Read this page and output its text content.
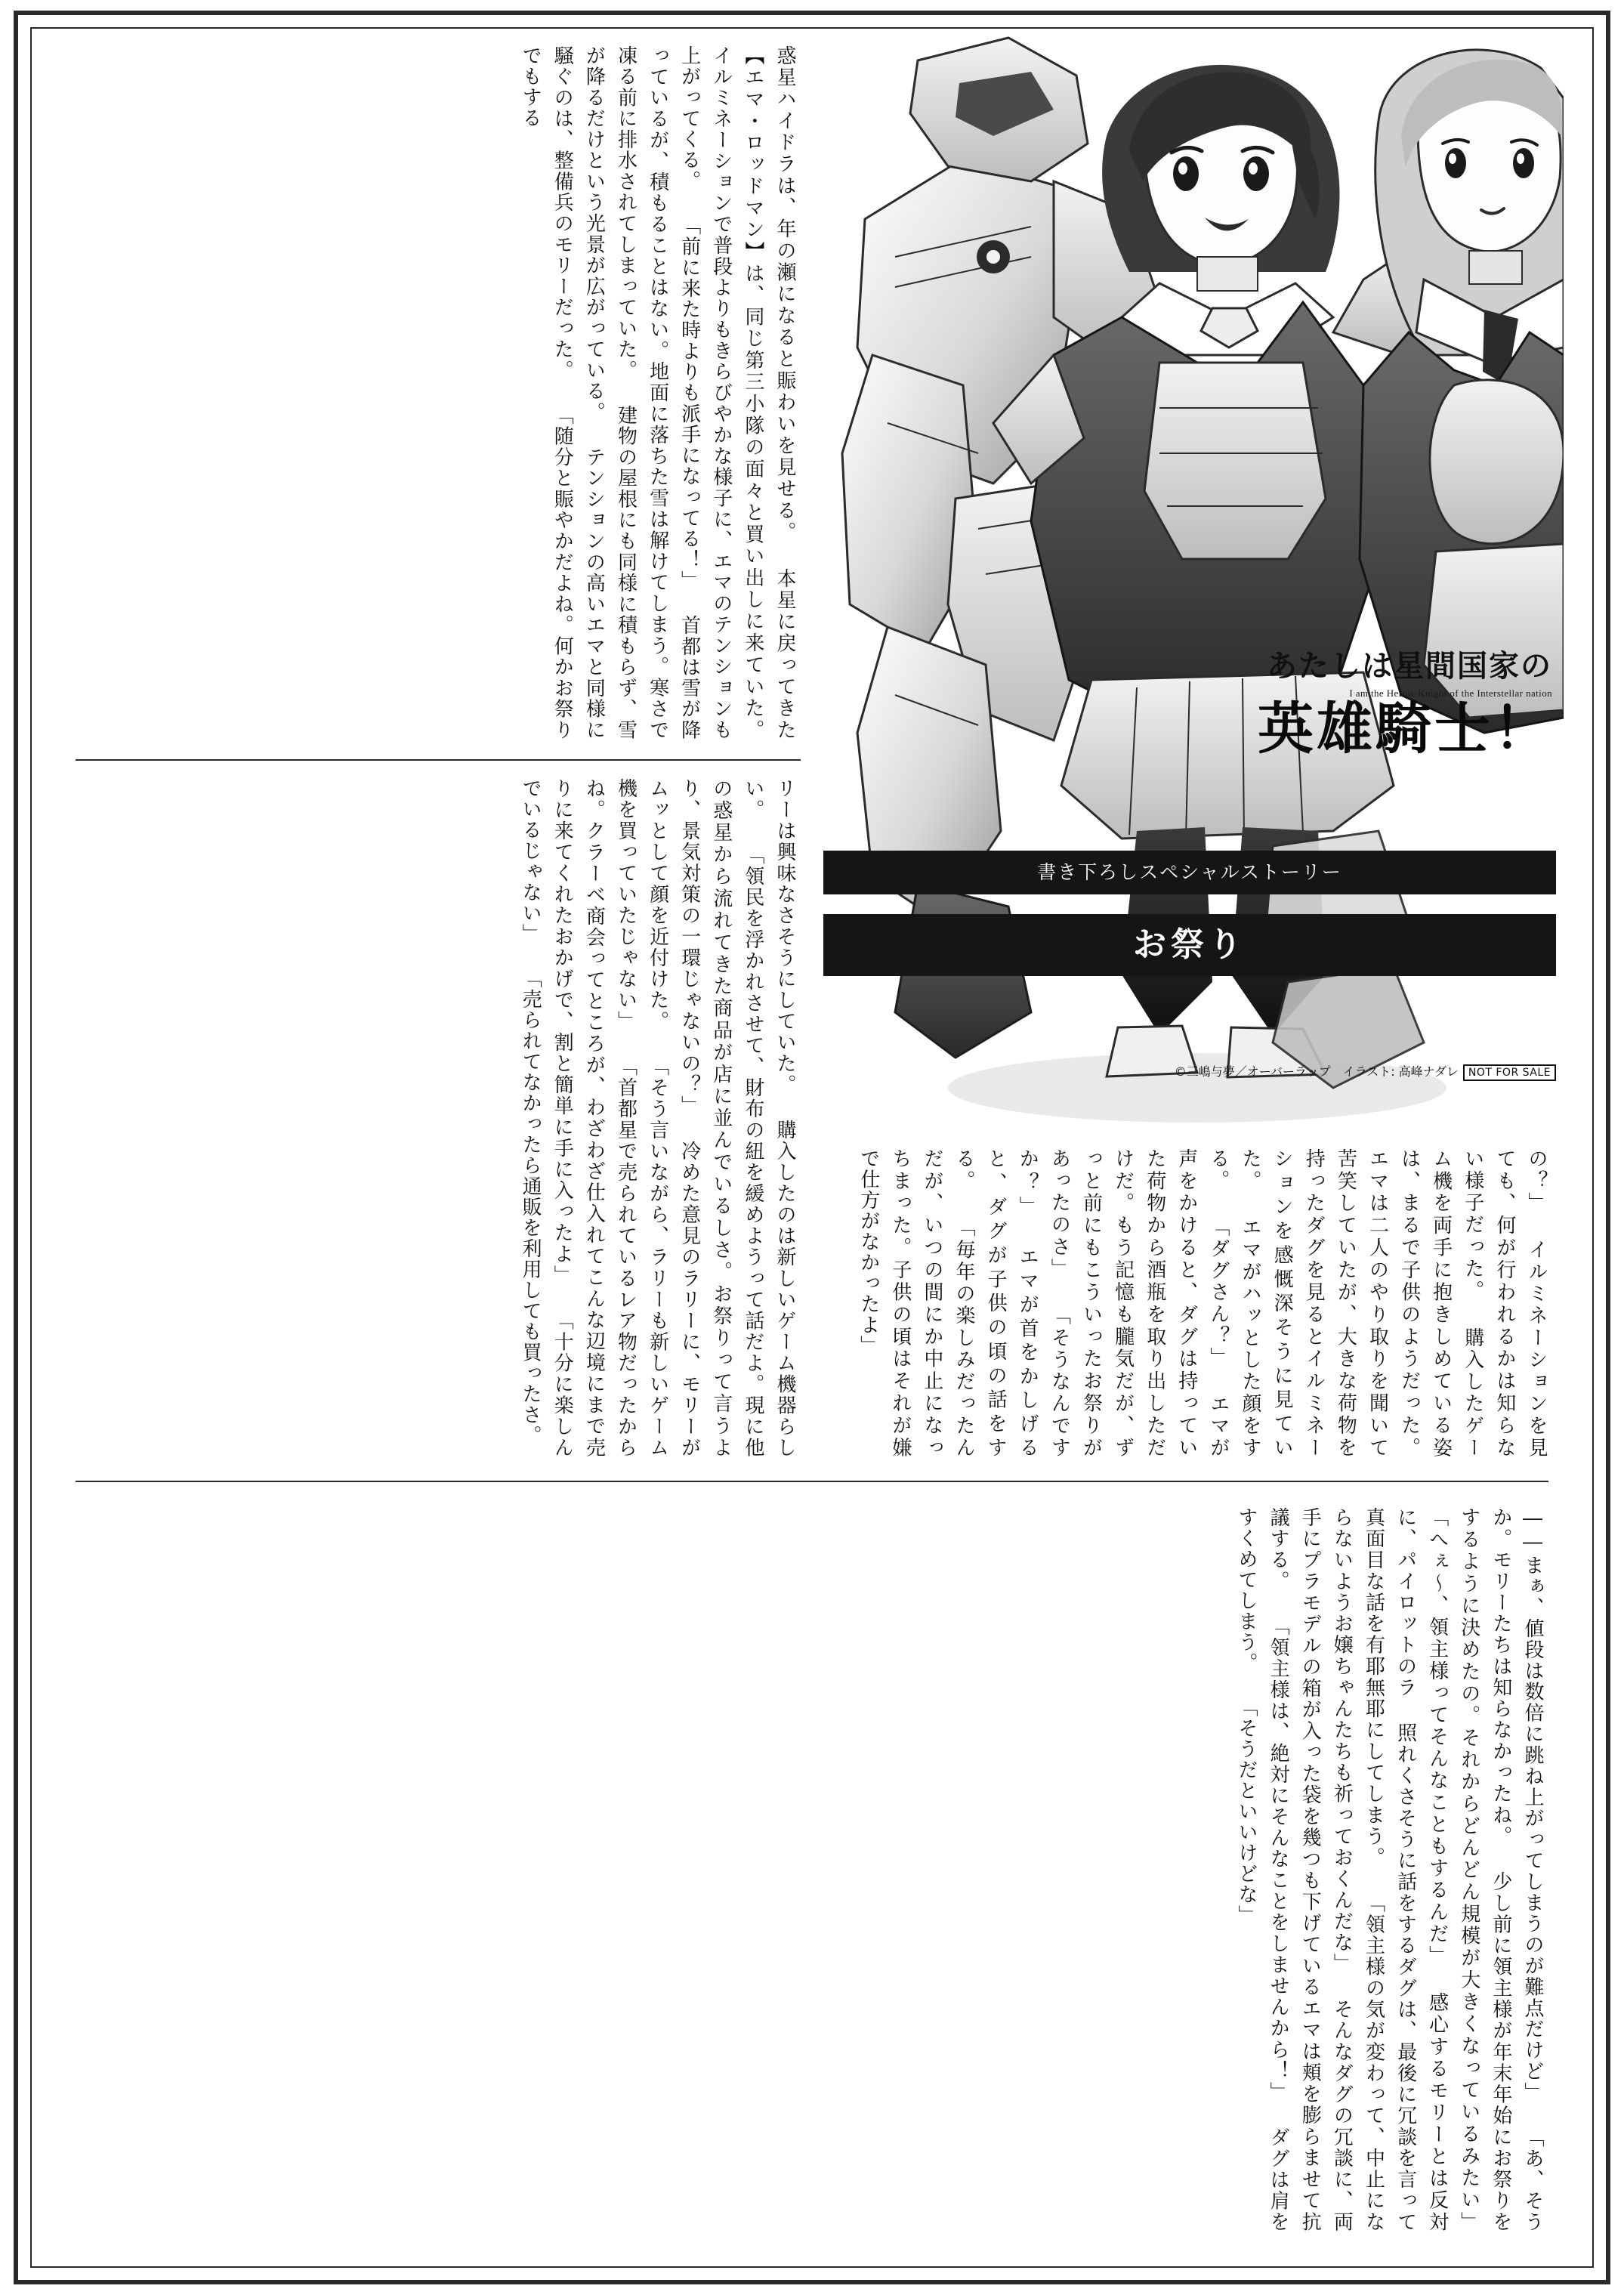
あたしは星間国家の
I am the Heroic Knight of the Interstellar nation
英雄騎士！
書き下ろしスペシャルストーリー
お祭り
©三嶋与夢／オーバーラップ　イラスト: 高峰ナダレ NOT FOR SALE
惑星ハイドラは、年の瀬になると賑わいを見せる。 本星に戻ってきた【エマ・ロッドマン】は、同じ第三小隊の面々と買い出しに来ていた。 イルミネーションで普段よりもきらびやかな様子に、エマのテンションも上がってくる。 「前に来た時よりも派手になってる！」 首都は雪が降っているが、積もることはない。地面に落ちた雪は解けてしまう。寒さで凍る前に排水されてしまっていた。 建物の屋根にも同様に積もらず、雪が降るだけという光景が広がっている。 テンションの高いエマと同様に騒ぐのは、整備兵のモリーだった。 「随分と賑やかだよね。何かお祭りでもする
リーは興味なさそうにしていた。 購入したのは新しいゲーム機器らしい。 「領民を浮かれさせて、財布の紐を緩めようって話だよ。現に他の惑星から流れてきた商品が店に並んでいるしさ。お祭りって言うより、景気対策の一環じゃないの？」 冷めた意見のラリーに、モリーがムッとして顔を近付けた。 「そう言いながら、ラリーも新しいゲーム機を買っていたじゃない」 「首都星で売られているレア物だったからね。クラーベ商会ってところが、わざわざ仕入れてこんな辺境にまで売りに来てくれたおかげで、割と簡単に手に入ったよ」 「十分に楽しんでいるじゃない」 「売られてなかったら通販を利用しても買ったさ。	の？」 イルミネーションを見ても、何が行われるかは知らない様子だった。 購入したゲーム機を両手に抱きしめている姿は、まるで子供のようだった。 エマは二人のやり取りを聞いて苦笑していたが、大きな荷物を持ったダグを見るとイルミネーションを感慨深そうに見ていた。 エマがハッとした顔をする。 「ダグさん？」 エマが声をかけると、ダグは持っていた荷物から酒瓶を取り出しただけだ。もう記憶も朧気だが、ずっと前にもこういったお祭りがあったのさ」 「そうなんですか？」 エマが首をかしげると、ダグが子供の頃の話をする。 「毎年の楽しみだったんだが、いつの間にか中止になっちまった。子供の頃はそれが嫌で仕方がなかったよ」
――まぁ、値段は数倍に跳ね上がってしまうのが難点だけど」 「あ、そうか。モリーたちは知らなかったね。 少し前に領主様が年末年始にお祭りをするように決めたの。それからどんどん規模が大きくなっているみたい」 「へぇ～、領主様ってそんなこともするんだ」 感心するモリーとは反対に、パイロットのラ 照れくさそうに話をするダグは、最後に冗談を言って真面目な話を有耶無耶にしてしまう。 「領主様の気が変わって、中止にならないようお嬢ちゃんたちも祈っておくんだな」 そんなダグの冗談に、両手にプラモデルの箱が入った袋を幾つも下げているエマは頬を膨らませて抗議する。 「領主様は、絶対にそんなことをしませんから！」 ダグは肩をすくめてしまう。 「そうだといいけどな」
